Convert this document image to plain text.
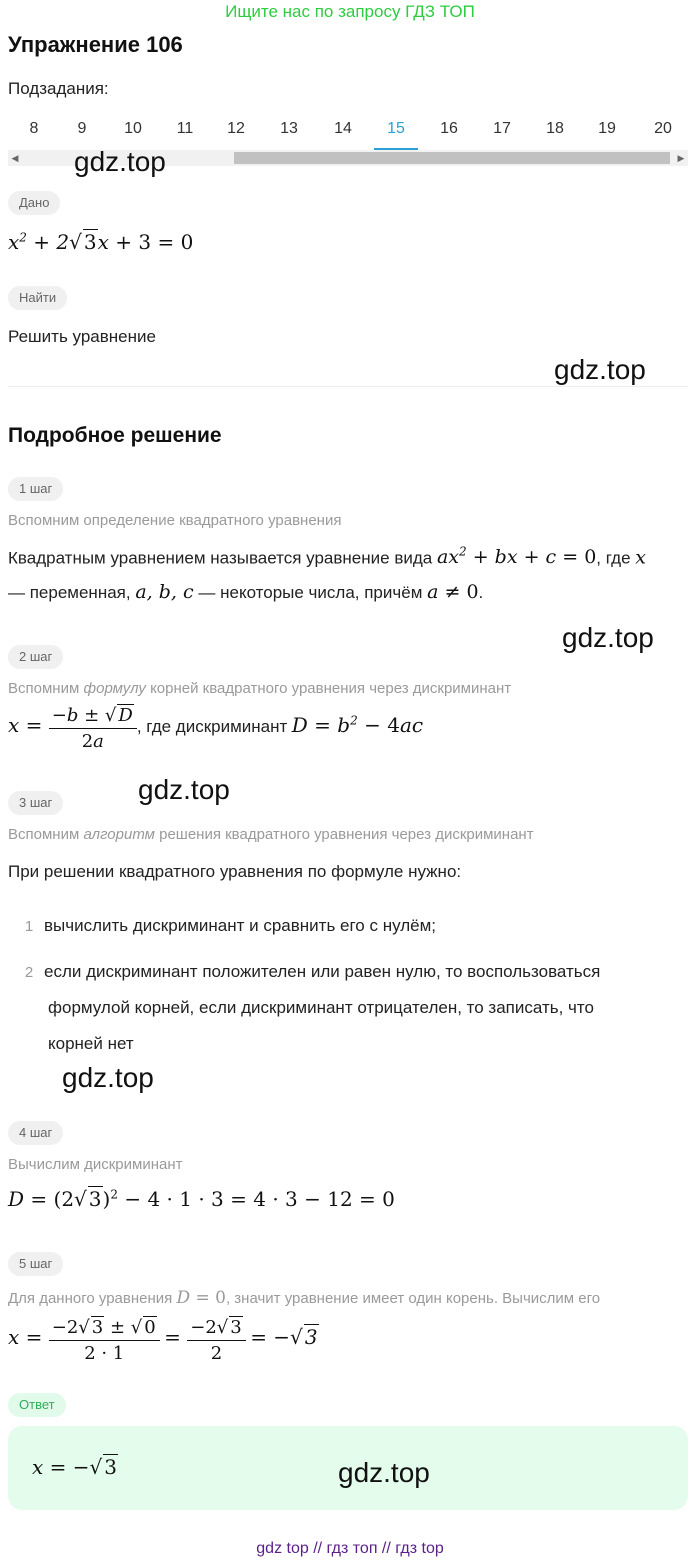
Ищите нас по запросу ГДЗ ТОП
Упражнение 106
Подзадания:
8	9	10	11	12	13	14	15	16	17	18	19	20
◀	▶
gdz.top
Дано
$x^2 + 2√$ 3x + 3 = 0
Найти
Решить уравнение
gdz.top
Подробное решение
1 шаг
Вспомним определение квадратного уравнения
Квадратным уравнением называется уравнение вида $ax^2$ + bx + c = 0, где x
— переменная, a, b, c — некоторые числа, причём a ≠ 0.
gdz.top
2 шаг
Вспомним формулу корней квадратного уравнения через дискриминант
$x = \frac{-b \pm √ D}{2a}$ , где дискриминант $D = b^2 - 4ac$
gdz.top
3 шаг
Вспомним алгоритм решения квадратного уравнения через дискриминант
При решении квадратного уравнения по формуле нужно:
1 вычислить дискриминант и сравнить его с нулём;
2 если дискриминант положителен или равен нулю, то воспользоваться
формулой корней, если дискриминант отрицателен, то записать, что
корней нет
gdz.top
4 шаг
Вычислим дискриминант
D = (2√ 3)$^2$ − 4 · 1 · 3 = 4 · 3 − 12 = 0
5 шаг
Для данного уравнения D = 0, значит уравнение имеет один корень. Вычислим его
$x = \frac{-2√ 3 \pm √ 0}{2 \cdot 1} = \frac{-2√ 3}{2}$ = −√ 3
Ответ
x = −√ 3	gdz.top
gdz top // гдз топ // гдз top
